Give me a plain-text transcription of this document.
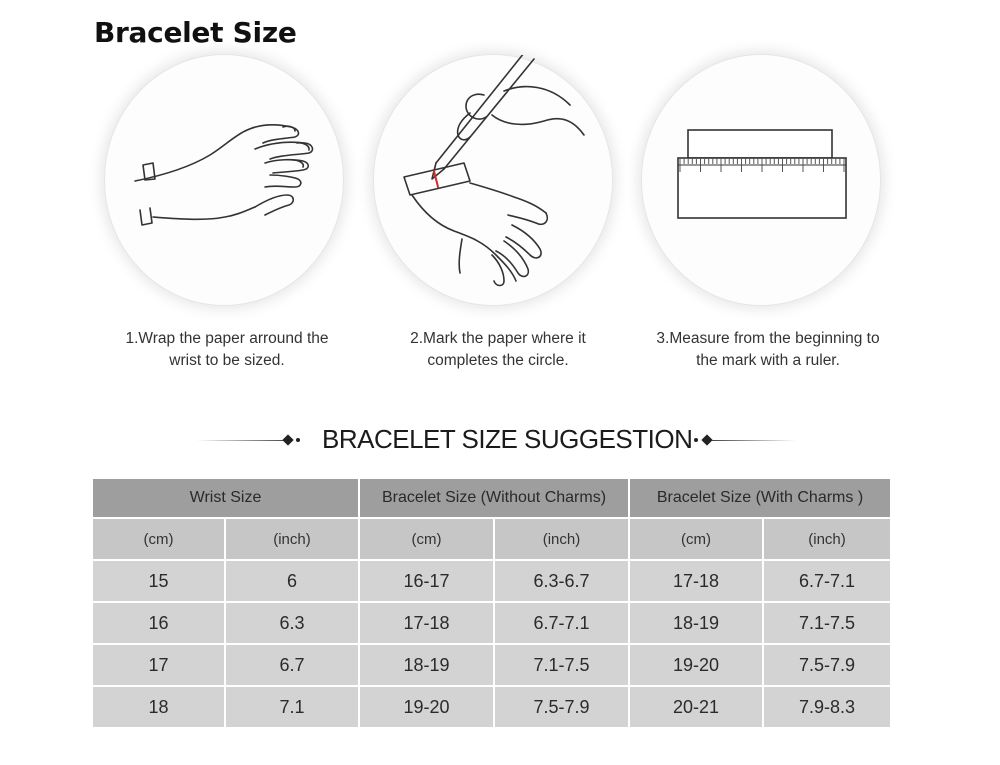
Bracelet Size
1.Wrap the paper arround the
wrist to be sized.
2.Mark the paper where it
completes the circle.
3.Measure from the beginning to
the mark with a ruler.
BRACELET SIZE SUGGESTION
Wrist Size		Bracelet Size (Without Charms)		Bracelet Size (With Charms )	
(cm)	(inch)	(cm)	(inch)	(cm)	(inch)
15	6	16-17	6.3-6.7	17-18	6.7-7.1
16	6.3	17-18	6.7-7.1	18-19	7.1-7.5
17	6.7	18-19	7.1-7.5	19-20	7.5-7.9
18	7.1	19-20	7.5-7.9	20-21	7.9-8.3
